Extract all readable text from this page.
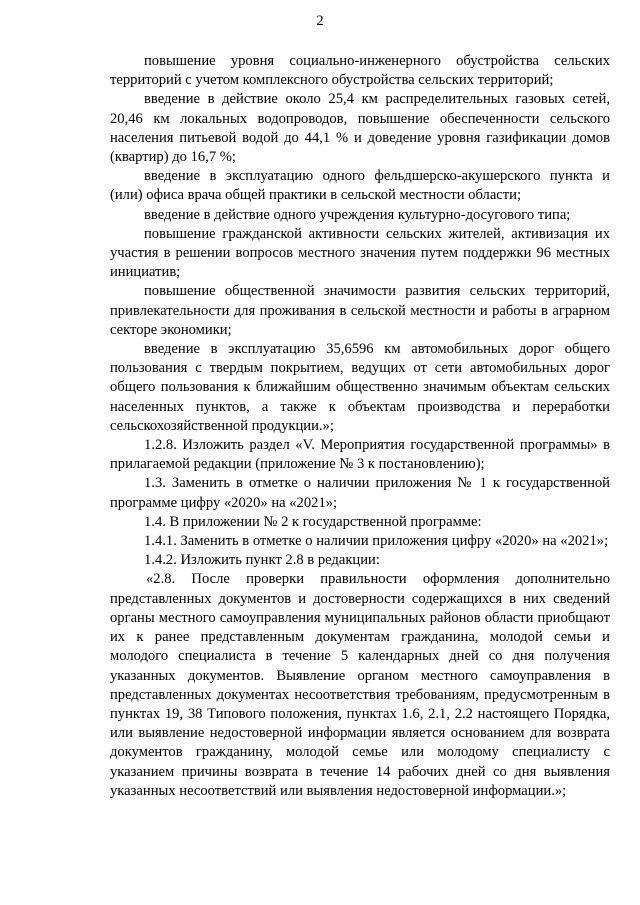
2

повышение уровня социально-инженерного обустройства сельских территорий с учетом комплексного обустройства сельских территорий;

введение в действие около 25,4 км распределительных газовых сетей, 20,46 км локальных водопроводов, повышение обеспеченности сельского населения питьевой водой до 44,1 % и доведение уровня газификации домов (квартир) до 16,7 %;

введение в эксплуатацию одного фельдшерско-акушерского пункта и (или) офиса врача общей практики в сельской местности области;

введение в действие одного учреждения культурно-досугового типа;

повышение гражданской активности сельских жителей, активизация их участия в решении вопросов местного значения путем поддержки 96 местных инициатив;

повышение общественной значимости развития сельских территорий, привлекательности для проживания в сельской местности и работы в аграрном секторе экономики;

введение в эксплуатацию 35,6596 км автомобильных дорог общего пользования с твердым покрытием, ведущих от сети автомобильных дорог общего пользования к ближайшим общественно значимым объектам сельских населенных пунктов, а также к объектам производства и переработки сельскохозяйственной продукции.»;

1.2.8. Изложить раздел «V. Мероприятия государственной программы» в прилагаемой редакции (приложение № 3 к постановлению);

1.3. Заменить в отметке о наличии приложения № 1 к государственной программе цифру «2020» на «2021»;

1.4. В приложении № 2 к государственной программе:

1.4.1. Заменить в отметке о наличии приложения цифру «2020» на «2021»;

1.4.2. Изложить пункт 2.8 в редакции:

«2.8. После проверки правильности оформления дополнительно представленных документов и достоверности содержащихся в них сведений органы местного самоуправления муниципальных районов области приобщают их к ранее представленным документам гражданина, молодой семьи и молодого специалиста в течение 5 календарных дней со дня получения указанных документов. Выявление органом местного самоуправления в представленных документах несоответствия требованиям, предусмотренным в пунктах 19, 38 Типового положения, пунктах 1.6, 2.1, 2.2 настоящего Порядка, или выявление недостоверной информации является основанием для возврата документов гражданину, молодой семье или молодому специалисту с указанием причины возврата в течение 14 рабочих дней со дня выявления указанных несоответствий или выявления недостоверной информации.»;
